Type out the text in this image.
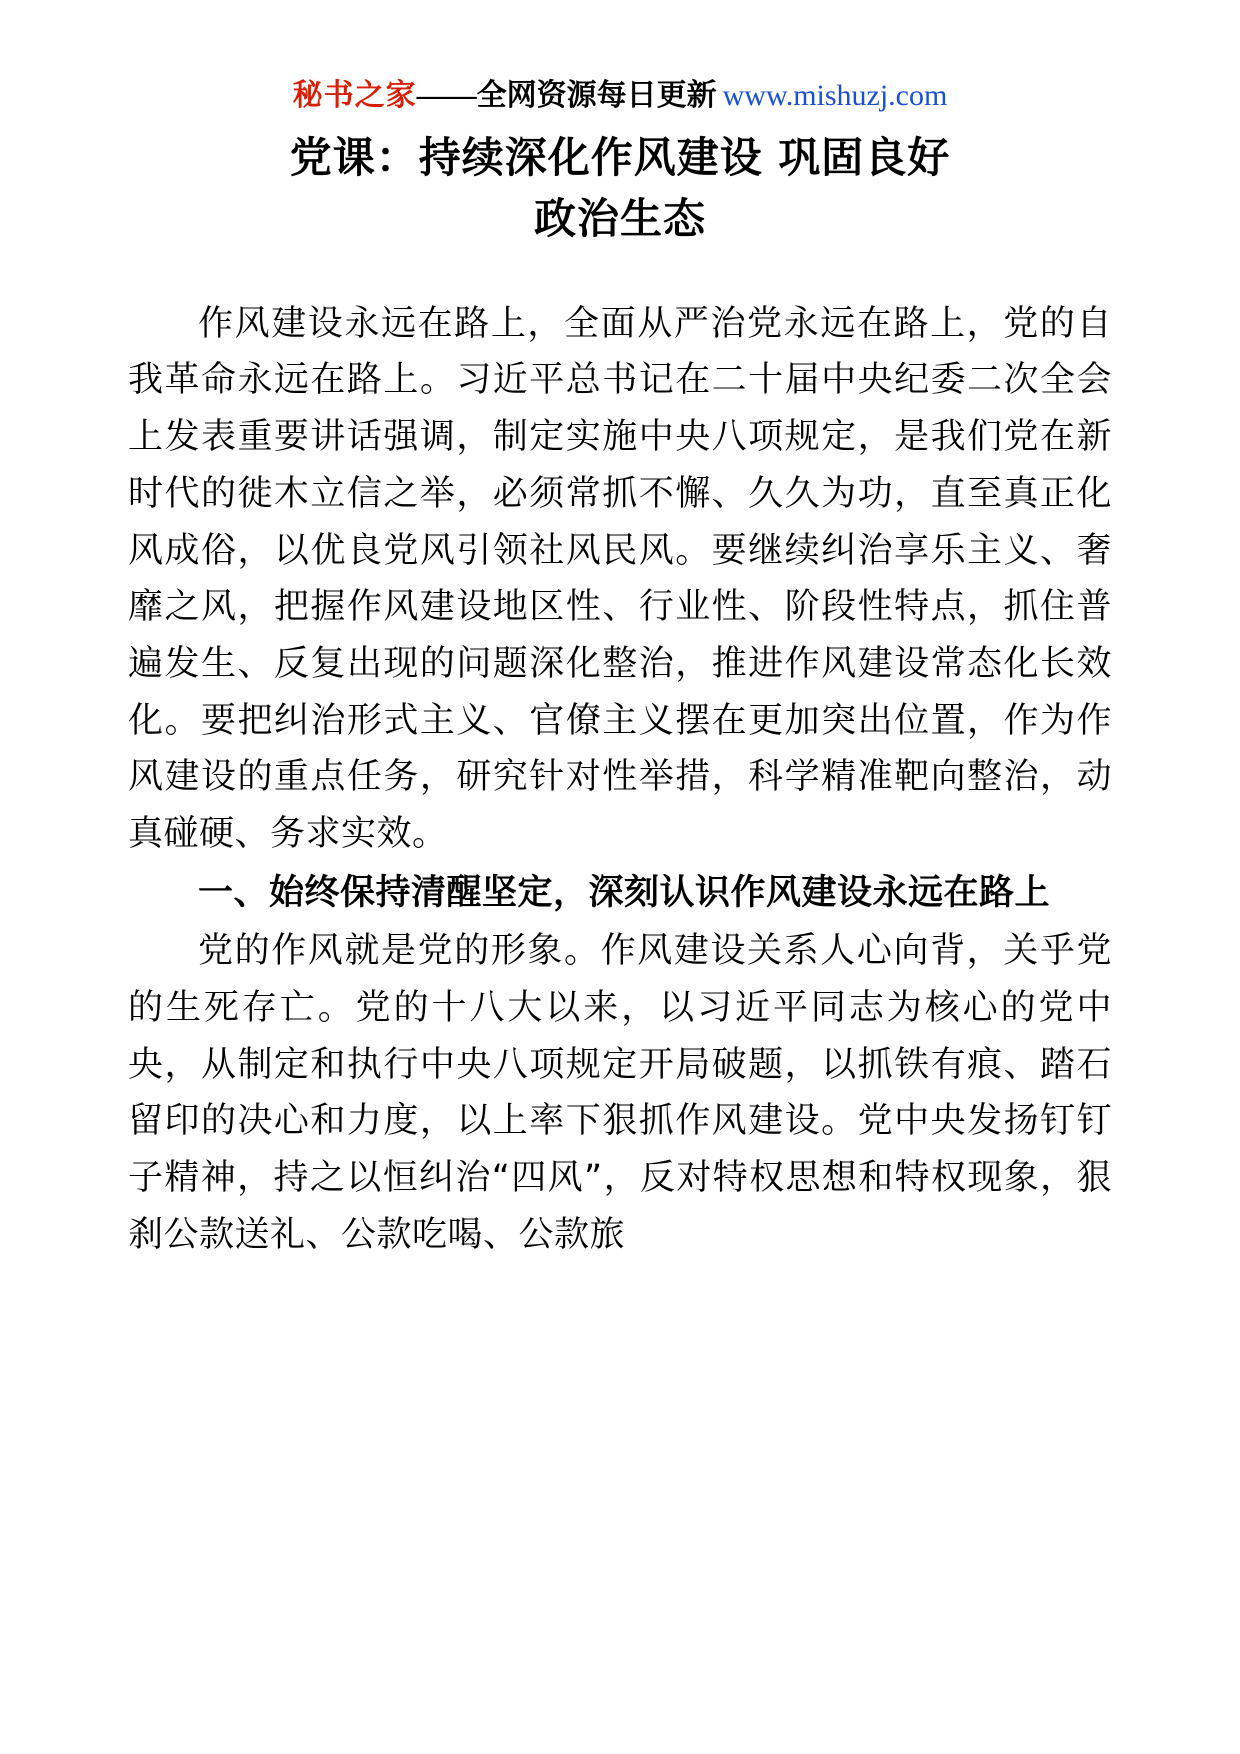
秘书之家——全网资源每日更新 www.mishuzj.com
党课：持续深化作风建设 巩固良好
政治生态

作风建设永远在路上，全面从严治党永远在路上，党的自我革命永远在路上。习近平总书记在二十届中央纪委二次全会上发表重要讲话强调，制定实施中央八项规定，是我们党在新时代的徙木立信之举，必须常抓不懈、久久为功，直至真正化风成俗，以优良党风引领社风民风。要继续纠治享乐主义、奢靡之风，把握作风建设地区性、行业性、阶段性特点，抓住普遍发生、反复出现的问题深化整治，推进作风建设常态化长效化。要把纠治形式主义、官僚主义摆在更加突出位置，作为作风建设的重点任务，研究针对性举措，科学精准靶向整治，动真碰硬、务求实效。

一、始终保持清醒坚定，深刻认识作风建设永远在路上

党的作风就是党的形象。作风建设关系人心向背，关乎党的生死存亡。党的十八大以来，以习近平同志为核心的党中央，从制定和执行中央八项规定开局破题，以抓铁有痕、踏石留印的决心和力度，以上率下狠抓作风建设。党中央发扬钉钉子精神，持之以恒纠治“四风”，反对特权思想和特权现象，狠刹公款送礼、公款吃喝、公款旅
